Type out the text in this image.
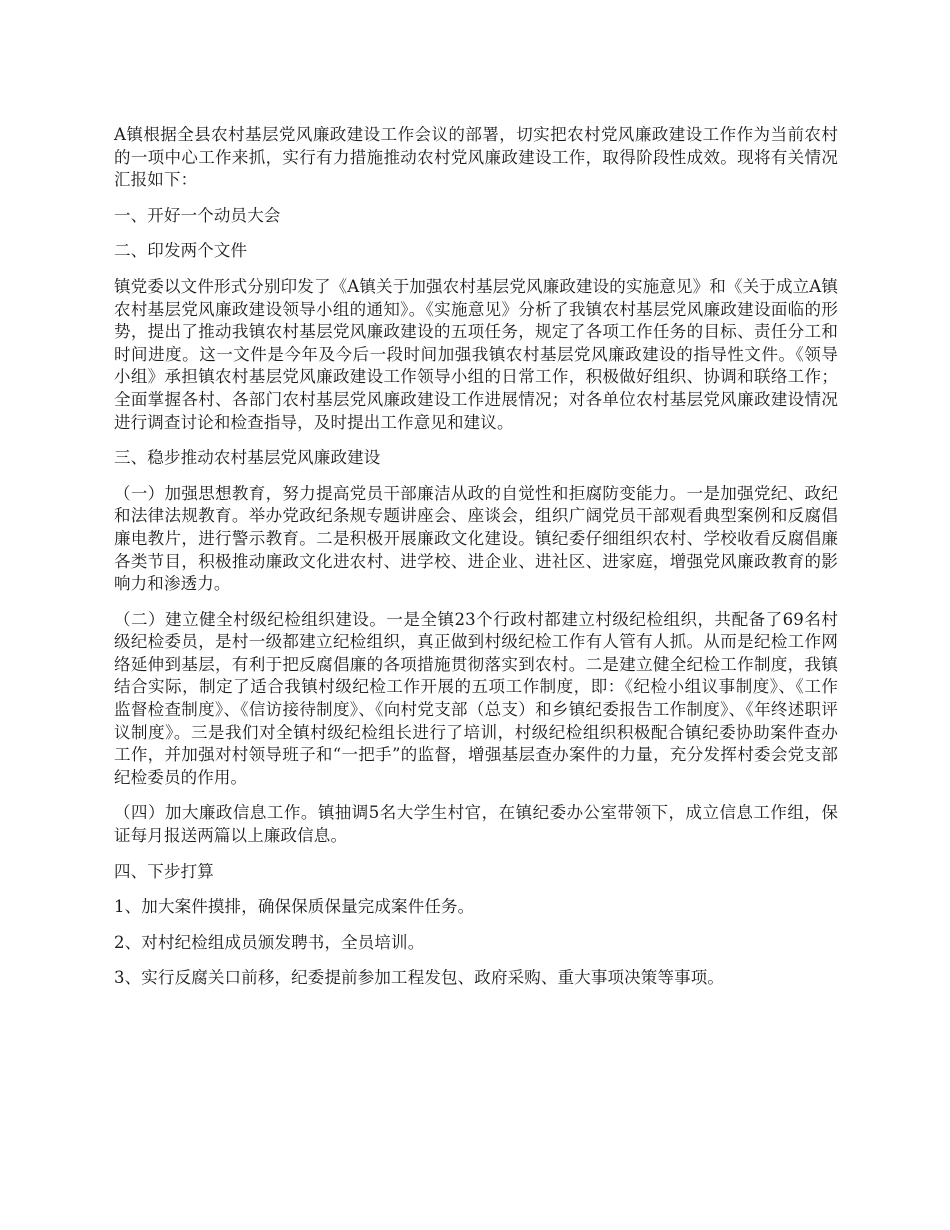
A镇根据全县农村基层党风廉政建设工作会议的部署，切实把农村党风廉政建设工作作为当前农村的一项中心工作来抓，实行有力措施推动农村党风廉政建设工作，取得阶段性成效。现将有关情况汇报如下：

一、开好一个动员大会

二、印发两个文件

镇党委以文件形式分别印发了《A镇关于加强农村基层党风廉政建设的实施意见》和《关于成立A镇农村基层党风廉政建设领导小组的通知》。《实施意见》分析了我镇农村基层党风廉政建设面临的形势，提出了推动我镇农村基层党风廉政建设的五项任务，规定了各项工作任务的目标、责任分工和时间进度。这一文件是今年及今后一段时间加强我镇农村基层党风廉政建设的指导性文件。《领导小组》承担镇农村基层党风廉政建设工作领导小组的日常工作，积极做好组织、协调和联络工作；全面掌握各村、各部门农村基层党风廉政建设工作进展情况；对各单位农村基层党风廉政建设情况进行调查讨论和检查指导，及时提出工作意见和建议。

三、稳步推动农村基层党风廉政建设

（一）加强思想教育，努力提高党员干部廉洁从政的自觉性和拒腐防变能力。一是加强党纪、政纪和法律法规教育。举办党政纪条规专题讲座会、座谈会，组织广阔党员干部观看典型案例和反腐倡廉电教片，进行警示教育。二是积极开展廉政文化建设。镇纪委仔细组织农村、学校收看反腐倡廉各类节目，积极推动廉政文化进农村、进学校、进企业、进社区、进家庭，增强党风廉政教育的影响力和渗透力。

（二）建立健全村级纪检组织建设。一是全镇23个行政村都建立村级纪检组织，共配备了69名村级纪检委员，是村一级都建立纪检组织，真正做到村级纪检工作有人管有人抓。从而是纪检工作网络延伸到基层，有利于把反腐倡廉的各项措施贯彻落实到农村。二是建立健全纪检工作制度，我镇结合实际，制定了适合我镇村级纪检工作开展的五项工作制度，即：《纪检小组议事制度》、《工作监督检查制度》、《信访接待制度》、《向村党支部（总支）和乡镇纪委报告工作制度》、《年终述职评议制度》。三是我们对全镇村级纪检组长进行了培训，村级纪检组织积极配合镇纪委协助案件查办工作，并加强对村领导班子和“一把手”的监督，增强基层查办案件的力量，充分发挥村委会党支部纪检委员的作用。

（四）加大廉政信息工作。镇抽调5名大学生村官，在镇纪委办公室带领下，成立信息工作组，保证每月报送两篇以上廉政信息。

四、下步打算

1、加大案件摸排，确保保质保量完成案件任务。

2、对村纪检组成员颁发聘书，全员培训。

3、实行反腐关口前移，纪委提前参加工程发包、政府采购、重大事项决策等事项。
